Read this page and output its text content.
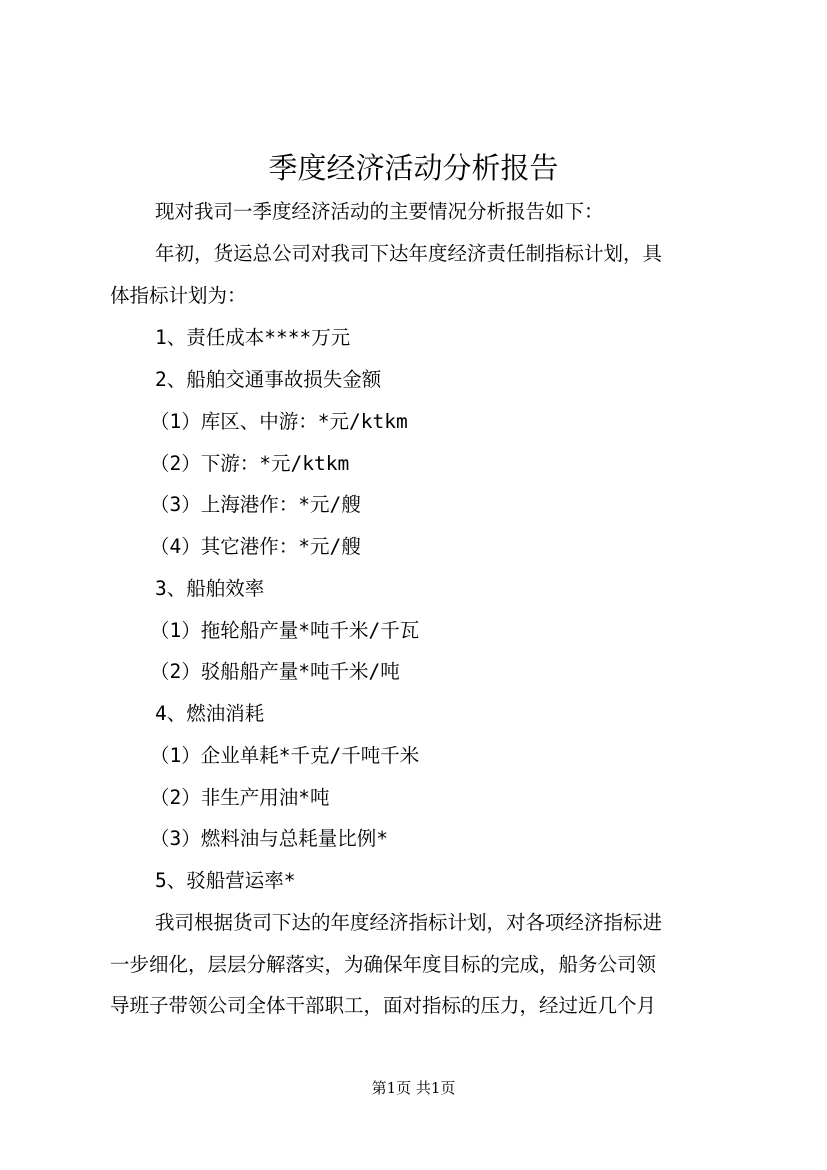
季度经济活动分析报告
现对我司一季度经济活动的主要情况分析报告如下：
年初，货运总公司对我司下达年度经济责任制指标计划，具
体指标计划为：
1、责任成本****万元
2、船舶交通事故损失金额
（1）库区、中游：*元/ktkm
（2）下游：*元/ktkm
（3）上海港作：*元/艘
（4）其它港作：*元/艘
3、船舶效率
（1）拖轮船产量*吨千米/千瓦
（2）驳船船产量*吨千米/吨
4、燃油消耗
（1）企业单耗*千克/千吨千米
（2）非生产用油*吨
（3）燃料油与总耗量比例*
5、驳船营运率*
我司根据货司下达的年度经济指标计划，对各项经济指标进
一步细化，层层分解落实，为确保年度目标的完成，船务公司领
导班子带领公司全体干部职工，面对指标的压力，经过近几个月
第1页 共1页
